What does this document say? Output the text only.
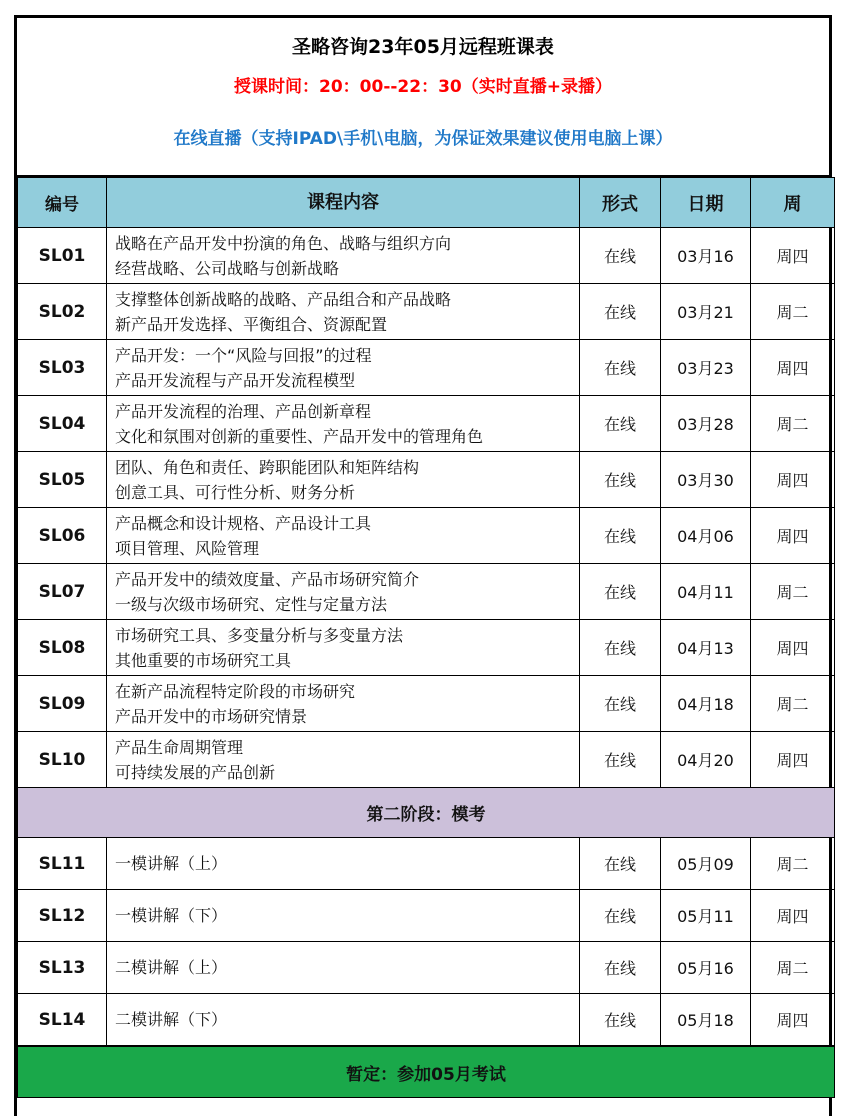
圣略咨询23年05月远程班课表
授课时间：20：00--22：30（实时直播+录播）
在线直播（支持IPAD\手机\电脑，为保证效果建议使用电脑上课）
编号	课程内容	形式	日期	周
SL01	战略在产品开发中扮演的角色、战略与组织方向
经营战略、公司战略与创新战略	在线	03月16	周四
SL02	支撑整体创新战略的战略、产品组合和产品战略
新产品开发选择、平衡组合、资源配置	在线	03月21	周二
SL03	产品开发：一个“风险与回报”的过程
产品开发流程与产品开发流程模型	在线	03月23	周四
SL04	产品开发流程的治理、产品创新章程
文化和氛围对创新的重要性、产品开发中的管理角色	在线	03月28	周二
SL05	团队、角色和责任、跨职能团队和矩阵结构
创意工具、可行性分析、财务分析	在线	03月30	周四
SL06	产品概念和设计规格、产品设计工具
项目管理、风险管理	在线	04月06	周四
SL07	产品开发中的绩效度量、产品市场研究简介
一级与次级市场研究、定性与定量方法	在线	04月11	周二
SL08	市场研究工具、多变量分析与多变量方法
其他重要的市场研究工具	在线	04月13	周四
SL09	在新产品流程特定阶段的市场研究
产品开发中的市场研究情景	在线	04月18	周二
SL10	产品生命周期管理
可持续发展的产品创新	在线	04月20	周四
第二阶段：模考				
SL11	一模讲解（上）	在线	05月09	周二
SL12	一模讲解（下）	在线	05月11	周四
SL13	二模讲解（上）	在线	05月16	周二
SL14	二模讲解（下）	在线	05月18	周四
暂定：参加05月考试				
